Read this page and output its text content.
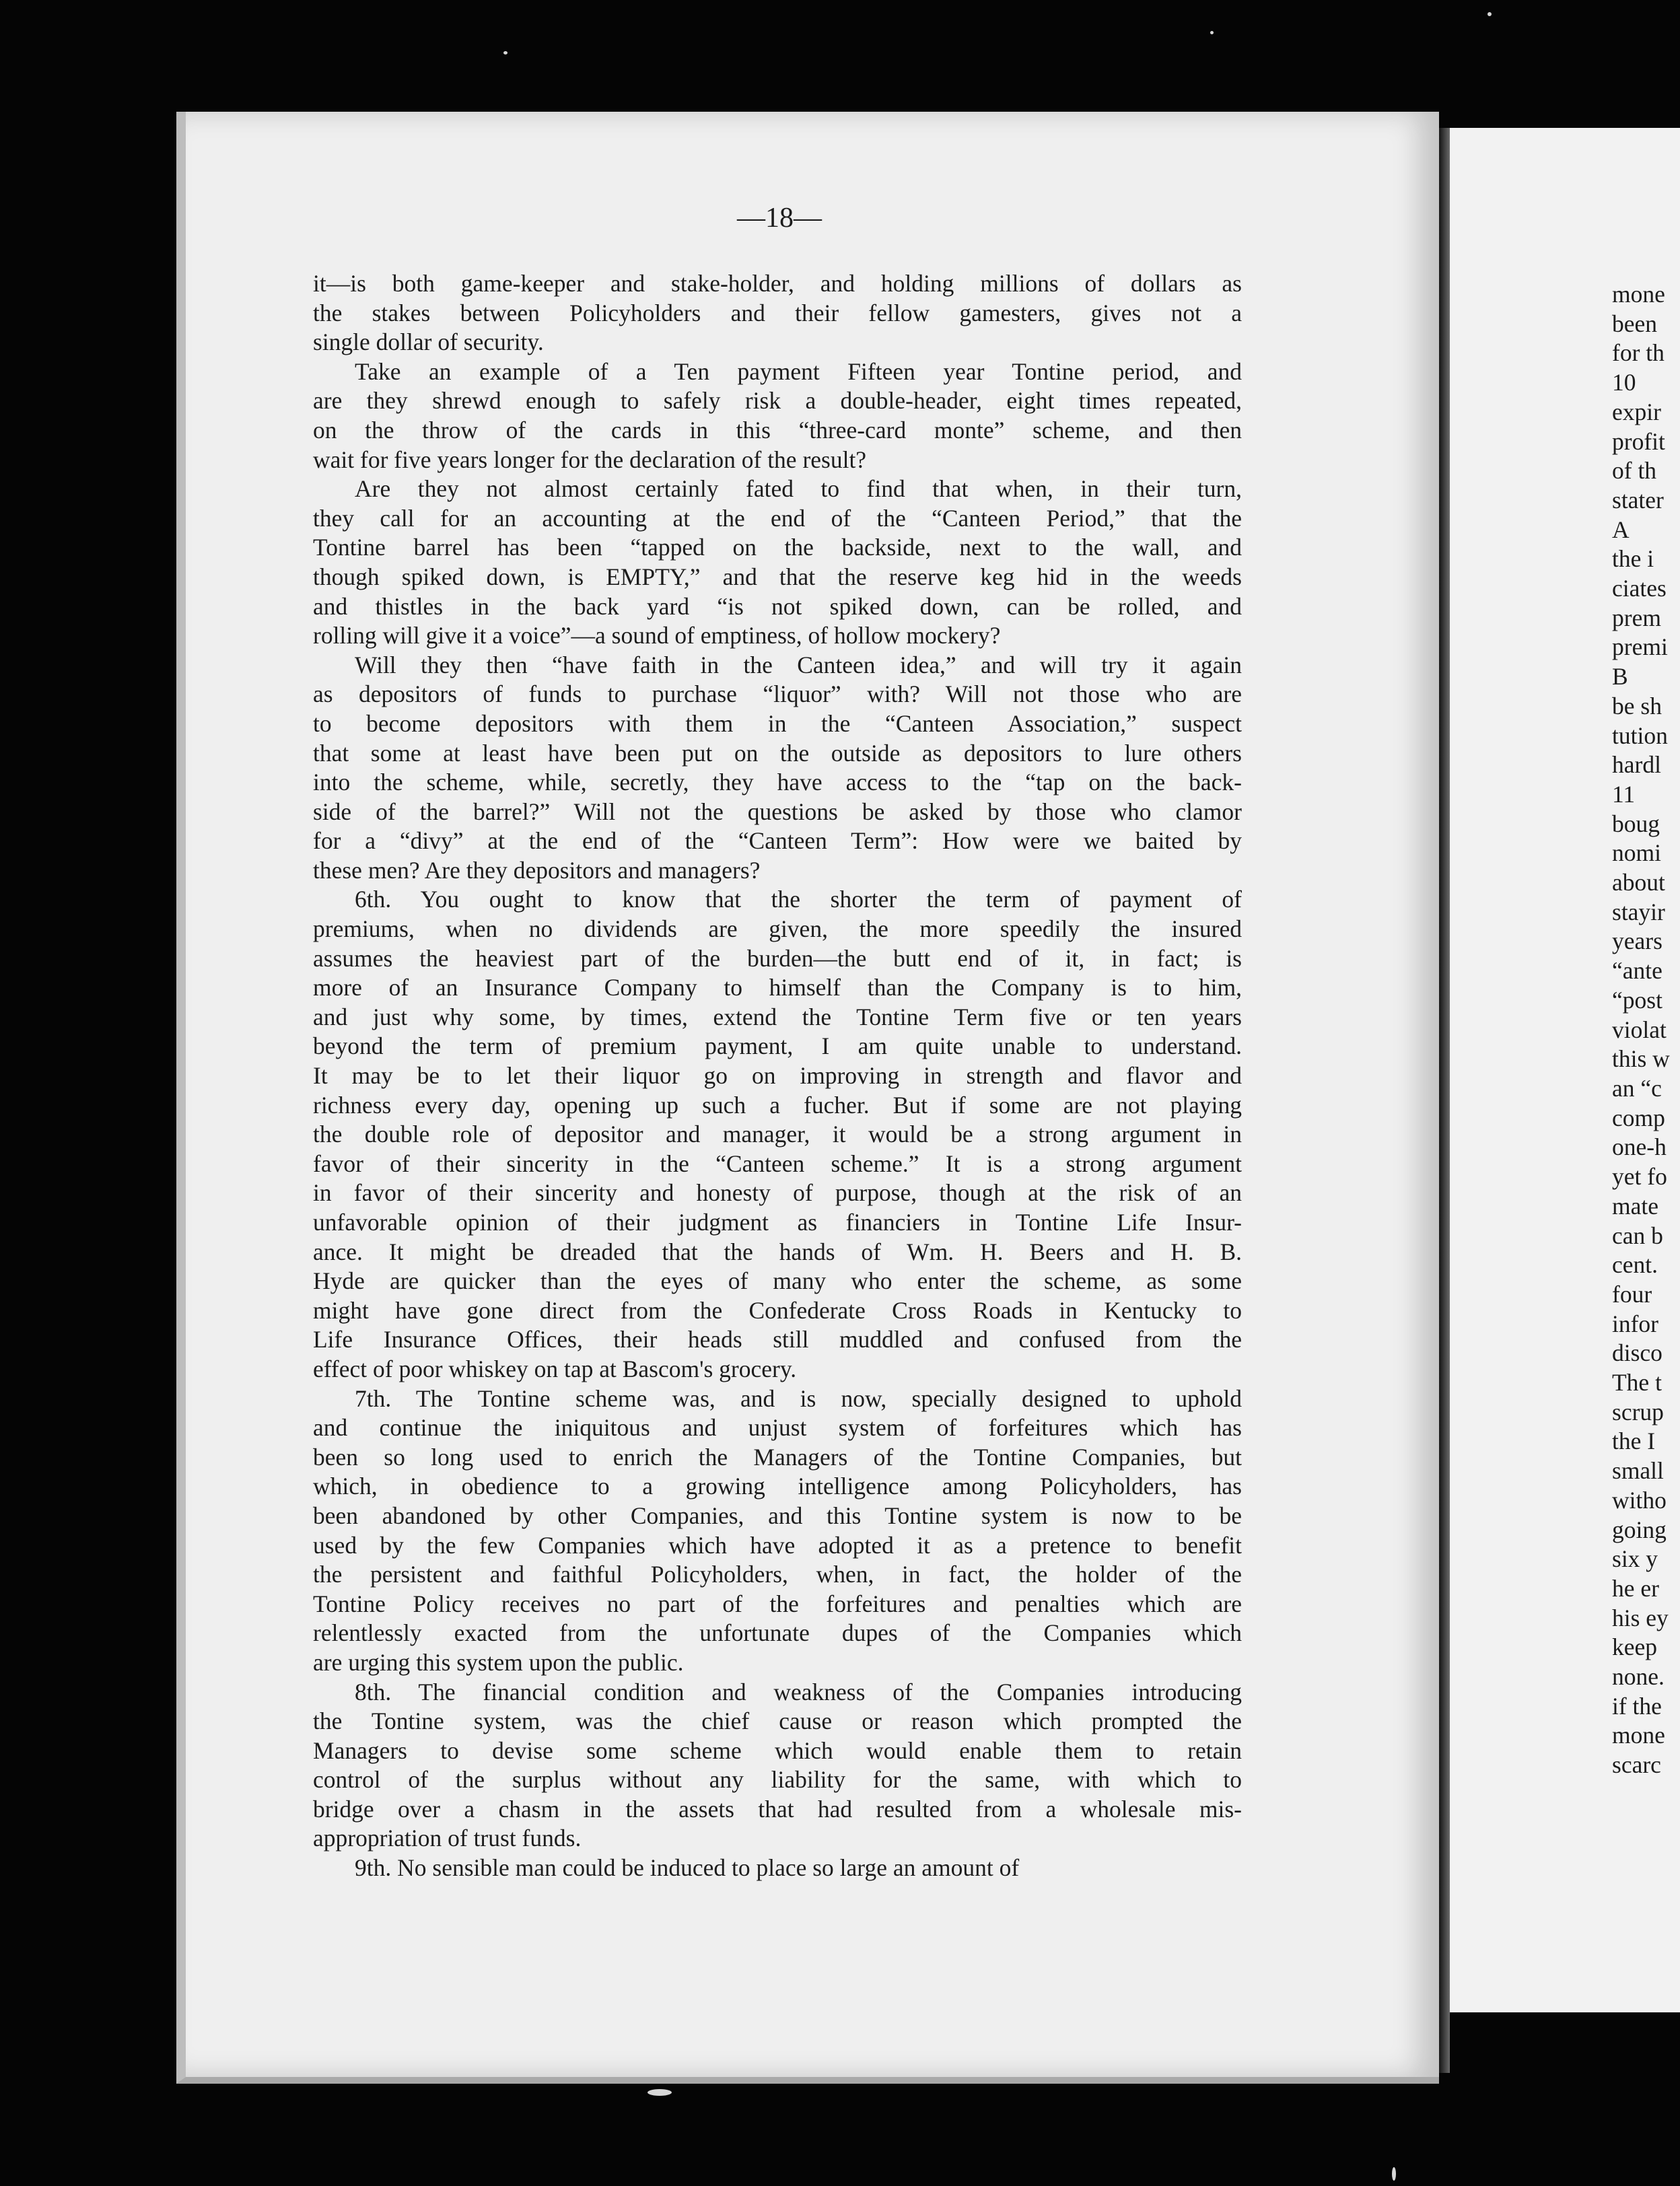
—18—
it—is both game-keeper and stake-holder, and holding millions of dollars as
the stakes between Policyholders and their fellow gamesters, gives not a
single dollar of security.
Take an example of a Ten payment Fifteen year Tontine period, and
are they shrewd enough to safely risk a double-header, eight times repeated,
on the throw of the cards in this “three-card monte” scheme, and then
wait for five years longer for the declaration of the result?
Are they not almost certainly fated to find that when, in their turn,
they call for an accounting at the end of the “Canteen Period,” that the
Tontine barrel has been “tapped on the backside, next to the wall, and
though spiked down, is EMPTY,” and that the reserve keg hid in the weeds
and thistles in the back yard “is not spiked down, can be rolled, and
rolling will give it a voice”—a sound of emptiness, of hollow mockery?
Will they then “have faith in the Canteen idea,” and will try it again
as depositors of funds to purchase “liquor” with? Will not those who are
to become depositors with them in the “Canteen Association,” suspect
that some at least have been put on the outside as depositors to lure others
into the scheme, while, secretly, they have access to the “tap on the back-
side of the barrel?” Will not the questions be asked by those who clamor
for a “divy” at the end of the “Canteen Term”: How were we baited by
these men? Are they depositors and managers?
6th. You ought to know that the shorter the term of payment of
premiums, when no dividends are given, the more speedily the insured
assumes the heaviest part of the burden—the butt end of it, in fact; is
more of an Insurance Company to himself than the Company is to him,
and just why some, by times, extend the Tontine Term five or ten years
beyond the term of premium payment, I am quite unable to understand.
It may be to let their liquor go on improving in strength and flavor and
richness every day, opening up such a fucher. But if some are not playing
the double role of depositor and manager, it would be a strong argument in
favor of their sincerity in the “Canteen scheme.” It is a strong argument
in favor of their sincerity and honesty of purpose, though at the risk of an
unfavorable opinion of their judgment as financiers in Tontine Life Insur-
ance. It might be dreaded that the hands of Wm. H. Beers and H. B.
Hyde are quicker than the eyes of many who enter the scheme, as some
might have gone direct from the Confederate Cross Roads in Kentucky to
Life Insurance Offices, their heads still muddled and confused from the
effect of poor whiskey on tap at Bascom's grocery.
7th. The Tontine scheme was, and is now, specially designed to uphold
and continue the iniquitous and unjust system of forfeitures which has
been so long used to enrich the Managers of the Tontine Companies, but
which, in obedience to a growing intelligence among Policyholders, has
been abandoned by other Companies, and this Tontine system is now to be
used by the few Companies which have adopted it as a pretence to benefit
the persistent and faithful Policyholders, when, in fact, the holder of the
Tontine Policy receives no part of the forfeitures and penalties which are
relentlessly exacted from the unfortunate dupes of the Companies which
are urging this system upon the public.
8th. The financial condition and weakness of the Companies introducing
the Tontine system, was the chief cause or reason which prompted the
Managers to devise some scheme which would enable them to retain
control of the surplus without any liability for the same, with which to
bridge over a chasm in the assets that had resulted from a wholesale mis-
appropriation of trust funds.
9th. No sensible man could be induced to place so large an amount of
mone
been
for th
10
expir
profit
of th
stater
A
the i
ciates
prem
premi
B
be sh
tution
hardl
11
boug
nomi
about
stayir
years
“ante
“post
violat
this w
an “c
comp
one-h
yet fo
mate
can b
cent.
four
infor
disco
The t
scrup
the I
small
witho
going
six y
he er
his ey
keep
none.
if the
mone
scarc
